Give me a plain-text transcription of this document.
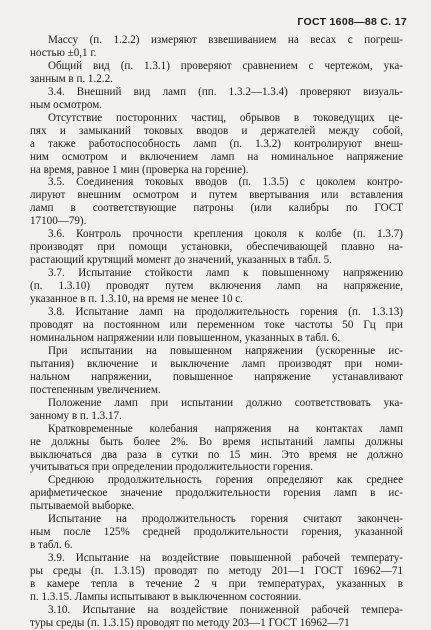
ГОСТ 1608—88 С. 17
Массу (п. 1.2.2) измеряют взвешиванием на весах с погреш-
ностью ±0,1 г.
Общий вид (п. 1.3.1) проверяют сравнением с чертежом, ука-
занным в п. 1.2.2.
3.4. Внешний вид ламп (пп. 1.3.2—1.3.4) проверяют визуаль-
ным осмотром.
Отсутствие посторонних частиц, обрывов в токоведущих це-
пях и замыканий токовых вводов и держателей между собой,
а также работоспособность ламп (п. 1.3.2) контролируют внеш-
ним осмотром и включением ламп на номинальное напряжение
на время, равное 1 мин (проверка на горение).
3.5. Соединения токовых вводов (п. 1.3.5) с цоколем контро-
лируют внешним осмотром и путем ввертывания или вставления
ламп в соответствующие патроны (или калибры по ГОСТ
17100—79).
3.6. Контроль прочности крепления цоколя к колбе (п. 1.3.7)
производят при помощи установки, обеспечивающей плавно на-
растающий крутящий момент до значений, указанных в табл. 5.
3.7. Испытание стойкости ламп к повышенному напряжению
(п. 1.3.10) проводят путем включения ламп на напряжение,
указанное в п. 1.3.10, на время не менее 10 с.
3.8. Испытание ламп на продолжительность горения (п. 1.3.13)
проводят на постоянном или переменном токе частоты 50 Гц при
номинальном напряжении или повышенном, указанных в табл. 6.
При испытании на повышенном напряжении (ускоренные ис-
пытания) включение и выключение ламп производят при номи-
нальном напряжении, повышенное напряжение устанавливают
постепенным увеличением.
Положение ламп при испытании должно соответствовать ука-
занному в п. 1.3.17.
Кратковременные колебания напряжения на контактах ламп
не должны быть более 2%. Во время испытаний лампы должны
выключаться два раза в сутки по 15 мин. Это время не должно
учитываться при определении продолжительности горения.
Среднюю продолжительность горения определяют как среднее
арифметическое значение продолжительности горения ламп в ис-
пытываемой выборке.
Испытание на продолжительность горения считают закончен-
ным после 125% средней продолжительности горения, указанной
в табл. 6.
3.9. Испытание на воздействие повышенной рабочей температу-
ры среды (п. 1.3.15) проводят по методу 201—1 ГОСТ 16962—71
в камере тепла в течение 2 ч при температурах, указанных в
п. 1.3.15. Лампы испытывают в выключенном состоянии.
3.10. Испытание на воздействие пониженной рабочей темпера-
туры среды (п. 1.3.15) проводят по методу 203—1 ГОСТ 16962—71
